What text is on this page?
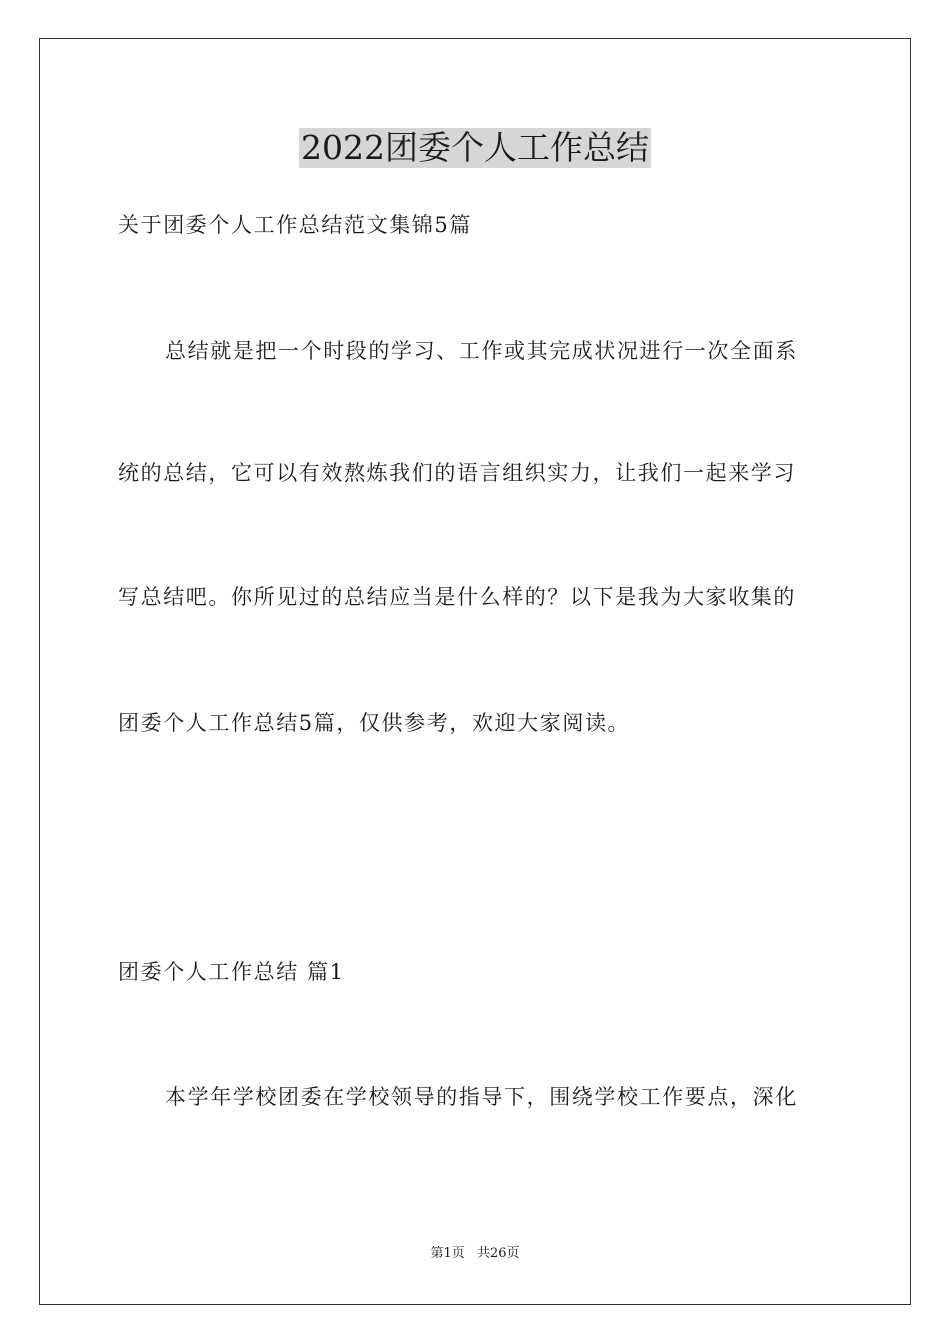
2022团委个人工作总结
关于团委个人工作总结范文集锦5篇
总结就是把一个时段的学习、工作或其完成状况进行一次全面系
统的总结，它可以有效熬炼我们的语言组织实力，让我们一起来学习
写总结吧。你所见过的总结应当是什么样的？以下是我为大家收集的
团委个人工作总结5篇，仅供参考，欢迎大家阅读。
团委个人工作总结 篇1
本学年学校团委在学校领导的指导下，围绕学校工作要点，深化
第1页 共26页
